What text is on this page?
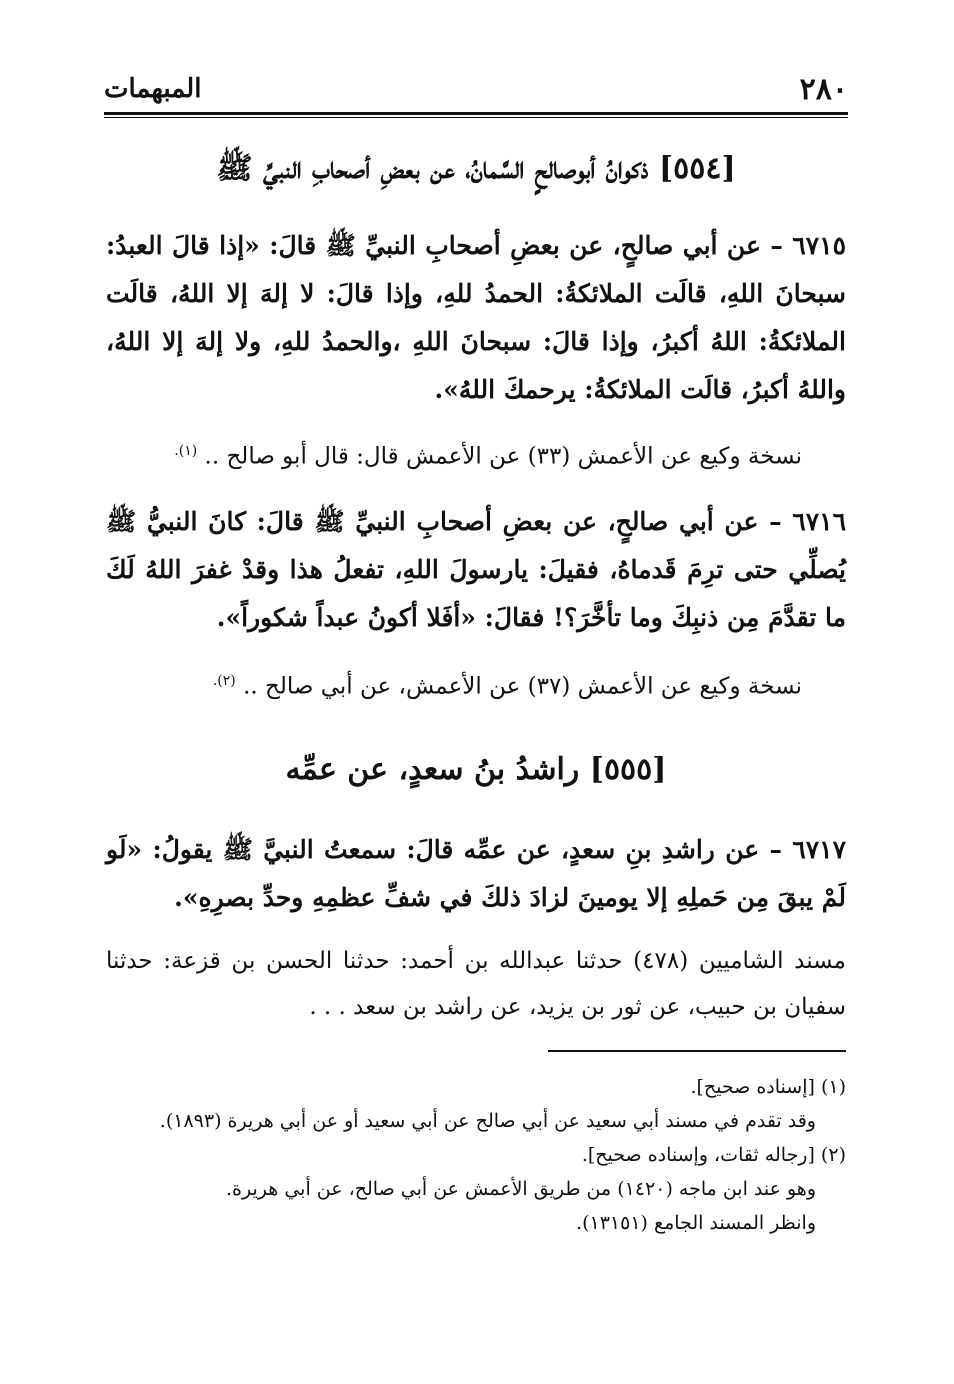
٢٨٠
المبهمات
[٥٥٤] ذكوانُ أبوصالحٍ السَّمانُ، عن بعضِ أصحابِ النبيِّ ﷺ
٦٧١٥ – عن أبي صالحٍ، عن بعضِ أصحابِ النبيِّ ﷺ قالَ: «إذا قالَ العبدُ: سبحانَ اللهِ، قالَت الملائكةُ: الحمدُ للهِ، وإذا قالَ: لا إلهَ إلا اللهُ، قالَت الملائكةُ: اللهُ أكبرُ، وإذا قالَ: سبحانَ اللهِ ،والحمدُ للهِ، ولا إلهَ إلا اللهُ، واللهُ أكبرُ، قالَت الملائكةُ: يرحمكَ اللهُ».
نسخة وكيع عن الأعمش (٣٣) عن الأعمش قال: قال أبو صالح .. $^{(١).}$
٦٧١٦ – عن أبي صالحٍ، عن بعضِ أصحابِ النبيِّ ﷺ قالَ: كانَ النبيُّ ﷺ يُصلِّي حتى ترِمَ قَدماهُ، فقيلَ: يارسولَ اللهِ، تفعلُ هذا وقدْ غفرَ اللهُ لَكَ ما تقدَّمَ مِن ذنبِكَ وما تأخَّرَ؟! فقالَ: «أفَلا أكونُ عبداً شكوراً».
نسخة وكيع عن الأعمش (٣٧) عن الأعمش، عن أبي صالح .. $^{(٢).}$
[٥٥٥] راشدُ بنُ سعدٍ، عن عمِّه
٦٧١٧ – عن راشدِ بنِ سعدٍ، عن عمِّه قالَ: سمعتُ النبيَّ ﷺ يقولُ: «لَو لَمْ يبقَ مِن حَملِهِ إلا يومينَ لزادَ ذلكَ في شفِّ عظمِهِ وحدِّ بصرِهِ».
مسند الشاميين (٤٧٨) حدثنا عبدالله بن أحمد: حدثنا الحسن بن قزعة: حدثنا سفيان بن حبيب، عن ثور بن يزيد، عن راشد بن سعد . . .
(١) [إسناده صحيح].
وقد تقدم في مسند أبي سعيد عن أبي صالح عن أبي سعيد أو عن أبي هريرة (١٨٩٣).
(٢) [رجاله ثقات، وإسناده صحيح].
وهو عند ابن ماجه (١٤٢٠) من طريق الأعمش عن أبي صالح، عن أبي هريرة.
وانظر المسند الجامع (١٣١٥١).
